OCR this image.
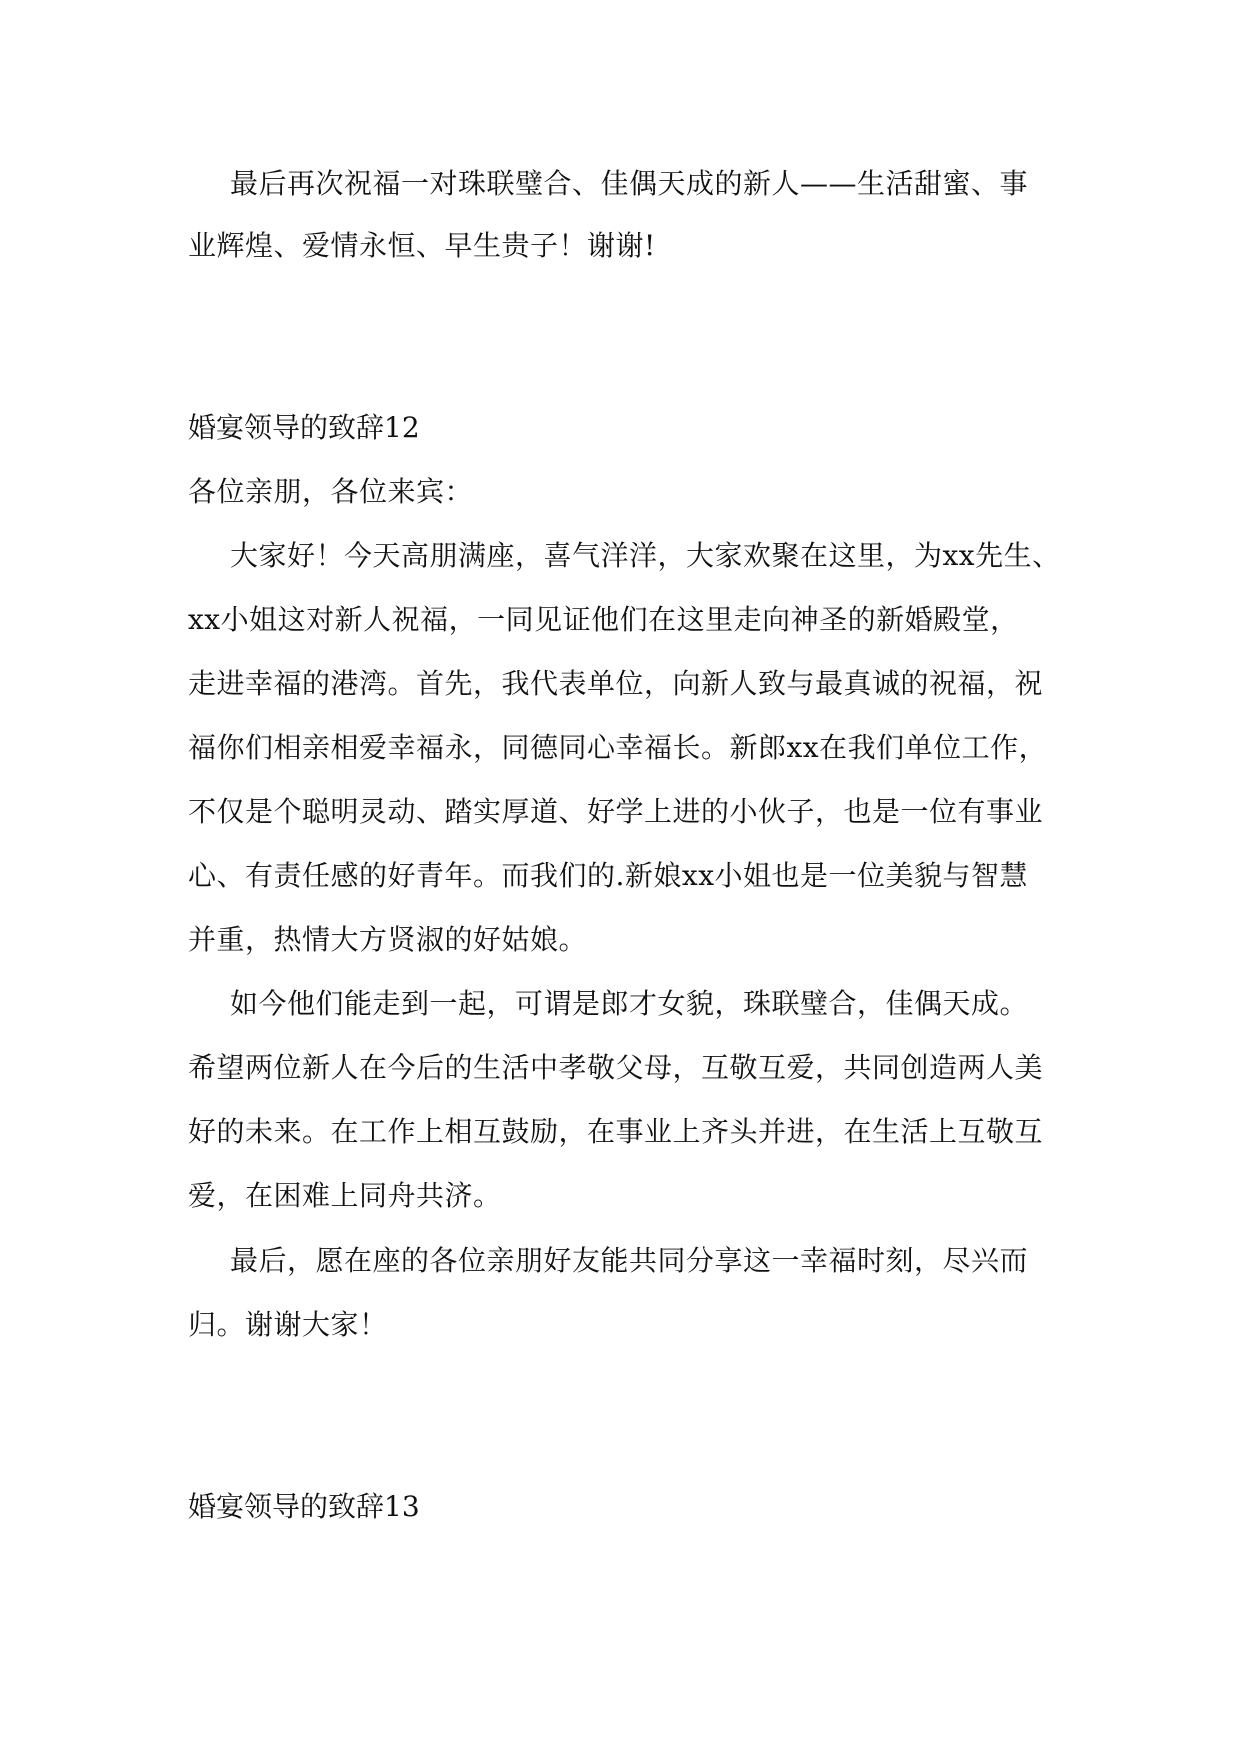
最后再次祝福一对珠联璧合、佳偶天成的新人——生活甜蜜、事
业辉煌、爱情永恒、早生贵子！谢谢!
婚宴领导的致辞12
各位亲朋，各位来宾：
大家好！今天高朋满座，喜气洋洋，大家欢聚在这里，为xx先生、
xx小姐这对新人祝福，一同见证他们在这里走向神圣的新婚殿堂，
走进幸福的港湾。首先，我代表单位，向新人致与最真诚的祝福，祝
福你们相亲相爱幸福永，同德同心幸福长。新郎xx在我们单位工作，
不仅是个聪明灵动、踏实厚道、好学上进的小伙子，也是一位有事业
心、有责任感的好青年。而我们的.新娘xx小姐也是一位美貌与智慧
并重，热情大方贤淑的好姑娘。
如今他们能走到一起，可谓是郎才女貌，珠联璧合，佳偶天成。
希望两位新人在今后的生活中孝敬父母，互敬互爱，共同创造两人美
好的未来。在工作上相互鼓励，在事业上齐头并进，在生活上互敬互
爱，在困难上同舟共济。
最后，愿在座的各位亲朋好友能共同分享这一幸福时刻，尽兴而
归。谢谢大家！
婚宴领导的致辞13
